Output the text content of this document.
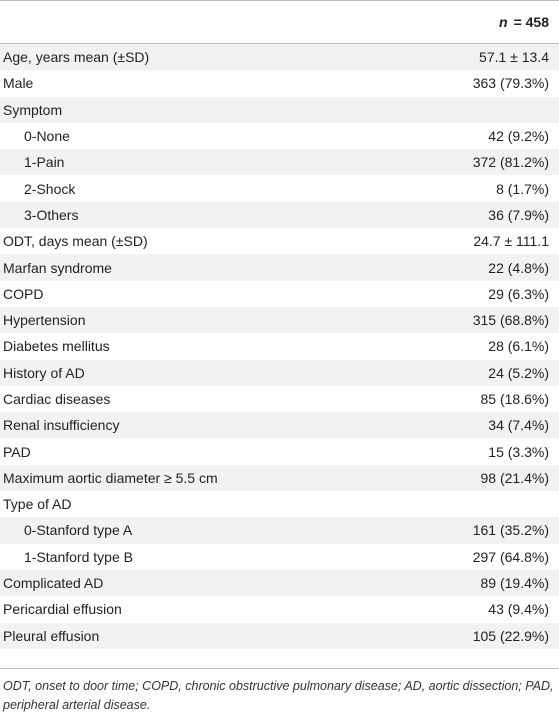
n = 458
Age, years mean (±SD)	57.1 ± 13.4
Male	363 (79.3%)
Symptom
0-None	42 (9.2%)
1-Pain	372 (81.2%)
2-Shock	8 (1.7%)
3-Others	36 (7.9%)
ODT, days mean (±SD)	24.7 ± 111.1
Marfan syndrome	22 (4.8%)
COPD	29 (6.3%)
Hypertension	315 (68.8%)
Diabetes mellitus	28 (6.1%)
History of AD	24 (5.2%)
Cardiac diseases	85 (18.6%)
Renal insufficiency	34 (7.4%)
PAD	15 (3.3%)
Maximum aortic diameter ≥ 5.5 cm	98 (21.4%)
Type of AD
0-Stanford type A	161 (35.2%)
1-Stanford type B	297 (64.8%)
Complicated AD	89 (19.4%)
Pericardial effusion	43 (9.4%)
Pleural effusion	105 (22.9%)
ODT, onset to door time; COPD, chronic obstructive pulmonary disease; AD, aortic dissection; PAD, peripheral arterial disease.
